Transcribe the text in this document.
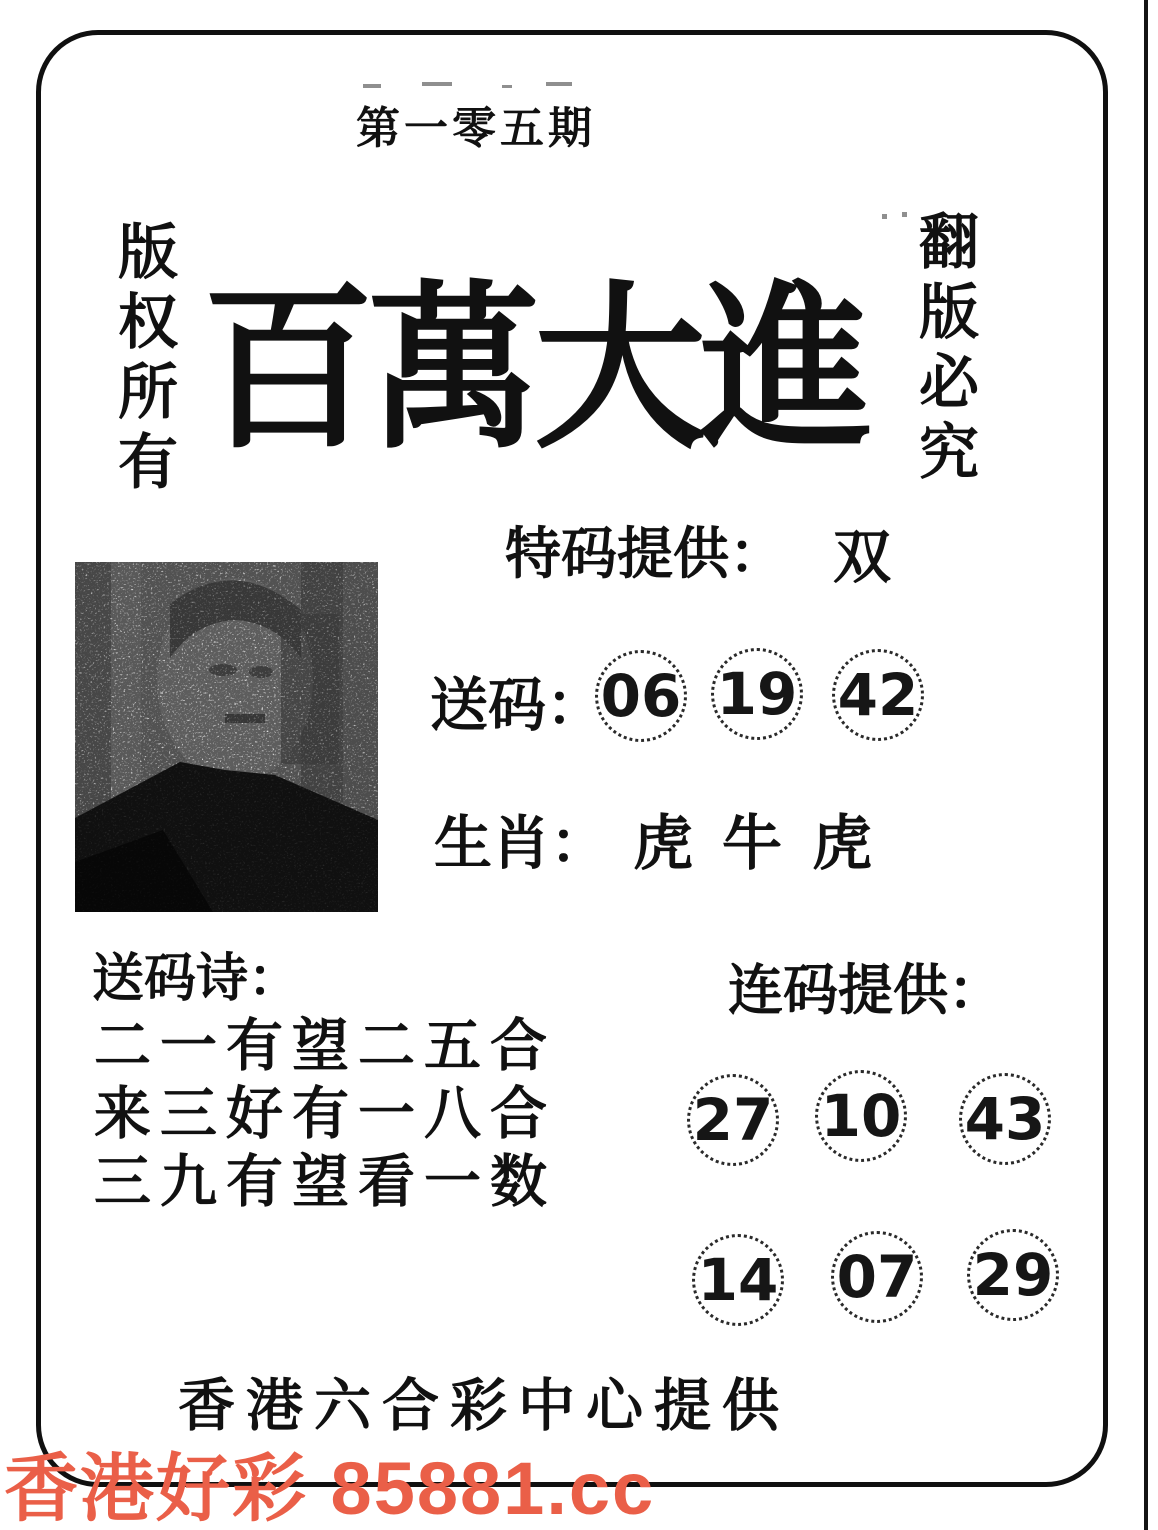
第一零五期
版权所有 百萬大進 翻版必究
特码提供： 双
送码：
06 19 42
生肖： 虎 牛 虎
送码诗：
二一有望二五合
来三好有一八合
三九有望看一数
连码提供：
27 10 43
14 07 29
香港六合彩中心提供
香港好彩 85881.cc
